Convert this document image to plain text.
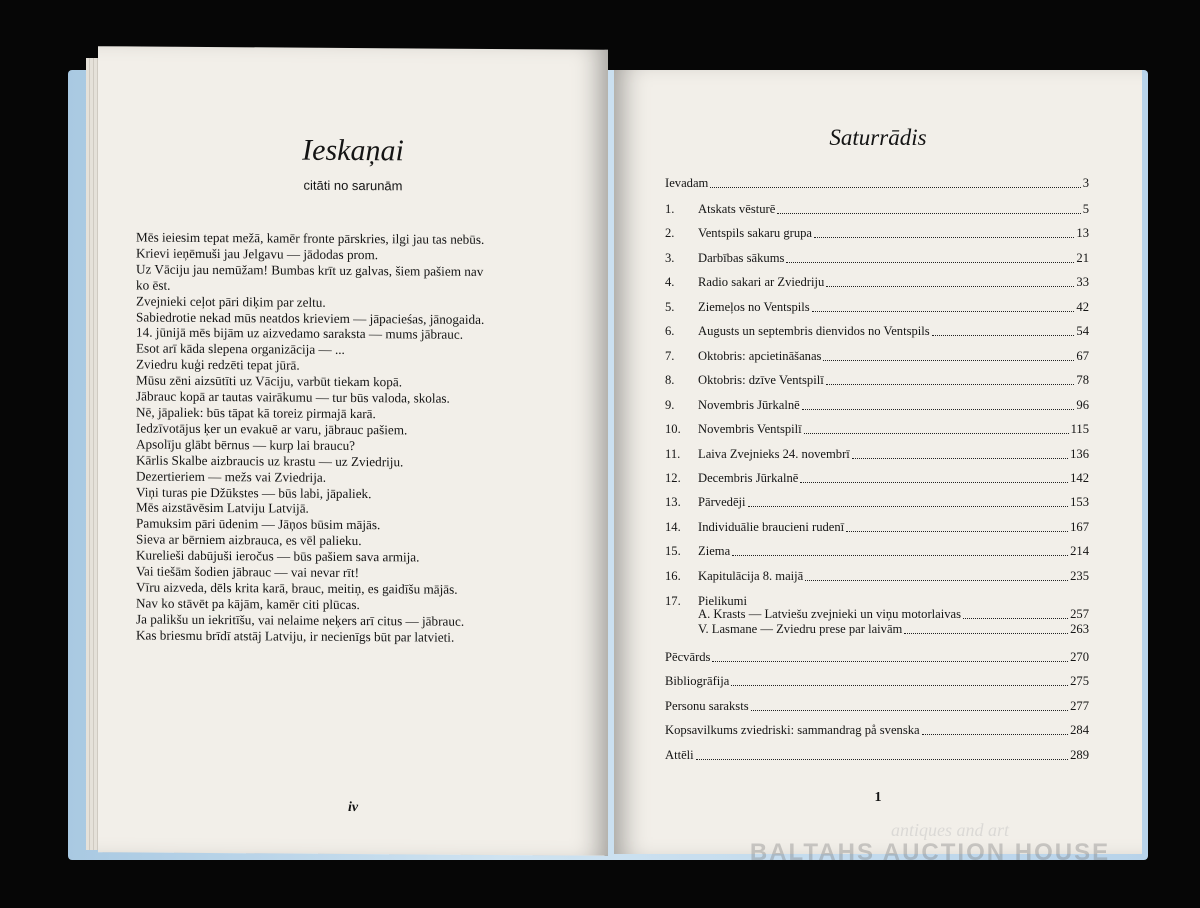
Ieskaņai
citāti no sarunām
Mēs ieiesim tepat mežā, kamēr fronte pārskries, ilgi jau tas nebūs.
Krievi ieņēmuši jau Jelgavu — jādodas prom.
Uz Vāciju jau nemūžam! Bumbas krīt uz galvas, šiem pašiem nav
ko ēst.
Zvejnieki ceļot pāri diķim par zeltu.
Sabiedrotie nekad mūs neatdos krieviem — jāpacieśas, jānogaida.
14. jūnijā mēs bijām uz aizvedamo saraksta — mums jābrauc.
Esot arī kāda slepena organizācija — ...
Zviedru kuģi redzēti tepat jūrā.
Mūsu zēni aizsūtīti uz Vāciju, varbūt tiekam kopā.
Jābrauc kopā ar tautas vairākumu — tur būs valoda, skolas.
Nē, jāpaliek: būs tāpat kā toreiz pirmajā karā.
Iedzīvotājus ķer un evakuē ar varu, jābrauc pašiem.
Apsolīju glābt bērnus — kurp lai braucu?
Kārlis Skalbe aizbraucis uz krastu — uz Zviedriju.
Dezertieriem — mežs vai Zviedrija.
Viņi turas pie Džūkstes — būs labi, jāpaliek.
Mēs aizstāvēsim Latviju Latvijā.
Pamuksim pāri ūdenim — Jāņos būsim mājās.
Sieva ar bērniem aizbrauca, es vēl palieku.
Kurelieši dabūjuši ieročus — būs pašiem sava armija.
Vai tiešām šodien jābrauc — vai nevar rīt!
Vīru aizveda, dēls krita karā, brauc, meitiņ, es gaidīšu mājās.
Nav ko stāvēt pa kājām, kamēr citi plūcas.
Ja palikšu un iekritīšu, vai nelaime neķers arī citus — jābrauc.
Kas briesmu brīdī atstāj Latviju, ir necienīgs būt par latvieti.
iv
Saturrādis
Ievadam	3
1.	Atskats vēsturē	5
2.	Ventspils sakaru grupa	13
3.	Darbības sākums	21
4.	Radio sakari ar Zviedriju	33
5.	Ziemeļos no Ventspils	42
6.	Augusts un septembris dienvidos no Ventspils	54
7.	Oktobris: apcietināšanas	67
8.	Oktobris: dzīve Ventspilī	78
9.	Novembris Jūrkalnē	96
10.	Novembris Ventspilī	115
11.	Laiva Zvejnieks 24. novembrī	136
12.	Decembris Jūrkalnē	142
13.	Pārvedēji	153
14.	Individuālie braucieni rudenī	167
15.	Ziema	214
16.	Kapitulācija 8. maijā	235
17.	Pielikumi
A. Krasts — Latviešu zvejnieki un viņu motorlaivas	257
V. Lasmane — Zviedru prese par laivām	263
Pēcvārds	270
Bibliogrāfija	275
Personu saraksts	277
Kopsavilkums zviedriski: sammandrag på svenska	284
Attēli	289
1
antiques and art
BALTAHS AUCTION HOUSE
